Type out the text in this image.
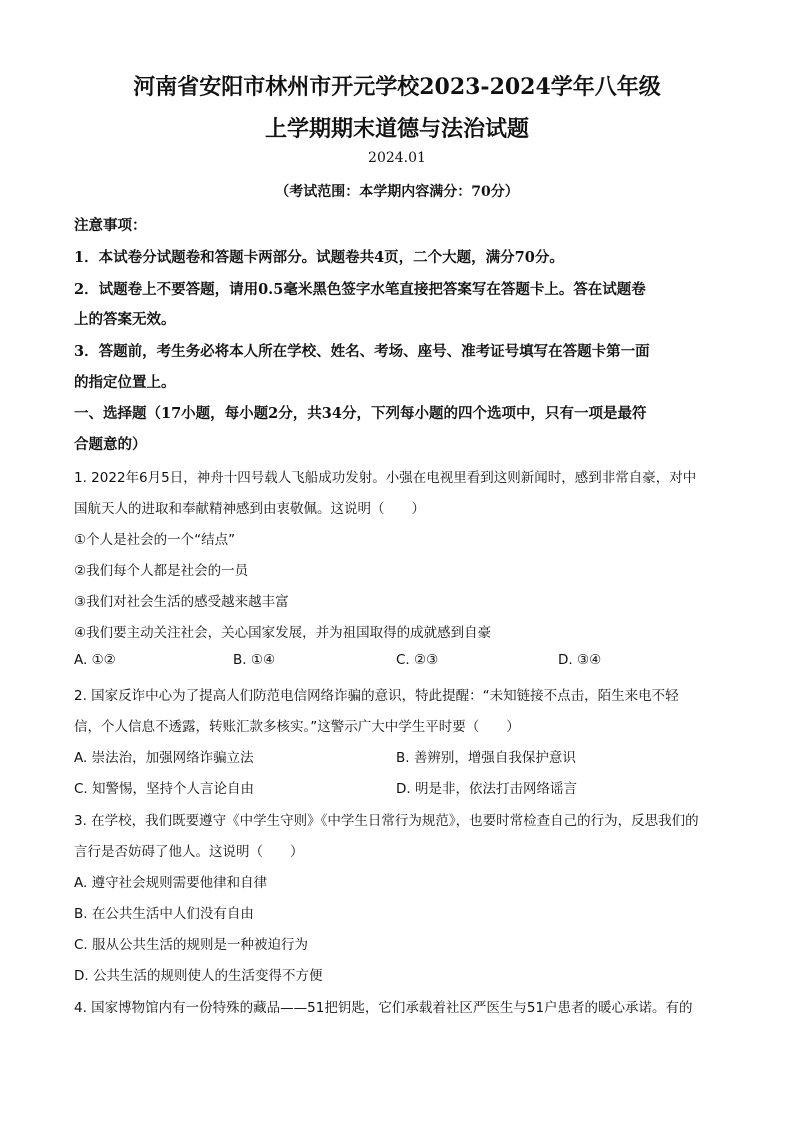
河南省安阳市林州市开元学校2023-2024学年八年级
上学期期末道德与法治试题
2024.01
（考试范围：本学期内容满分：70分）
注意事项：
1．本试卷分试题卷和答题卡两部分。试题卷共4页，二个大题，满分70分。
2．试题卷上不要答题，请用0.5毫米黑色签字水笔直接把答案写在答题卡上。答在试题卷
上的答案无效。
3．答题前，考生务必将本人所在学校、姓名、考场、座号、准考证号填写在答题卡第一面
的指定位置上。
一、选择题（17小题，每小题2分，共34分，下列每小题的四个选项中，只有一项是最符
合题意的）
1. 2022年6月5日，神舟十四号载人飞船成功发射。小强在电视里看到这则新闻时，感到非常自豪，对中
国航天人的进取和奉献精神感到由衷敬佩。这说明（　　）
①个人是社会的一个“结点”
②我们每个人都是社会的一员
③我们对社会生活的感受越来越丰富
④我们要主动关注社会，关心国家发展，并为祖国取得的成就感到自豪
A. ①②	B. ①④	C. ②③	D. ③④
2. 国家反诈中心为了提高人们防范电信网络诈骗的意识，特此提醒：“未知链接不点击，陌生来电不轻
信，个人信息不透露，转账汇款多核实。”这警示广大中学生平时要（　　）
A. 崇法治，加强网络诈骗立法	B. 善辨别，增强自我保护意识
C. 知警惕，坚持个人言论自由	D. 明是非，依法打击网络谣言
3. 在学校，我们既要遵守《中学生守则》《中学生日常行为规范》，也要时常检查自己的行为，反思我们的
言行是否妨碍了他人。这说明（　　）
A. 遵守社会规则需要他律和自律
B. 在公共生活中人们没有自由
C. 服从公共生活的规则是一种被迫行为
D. 公共生活的规则使人的生活变得不方便
4. 国家博物馆内有一份特殊的藏品——51把钥匙，它们承载着社区严医生与51户患者的暖心承诺。有的
